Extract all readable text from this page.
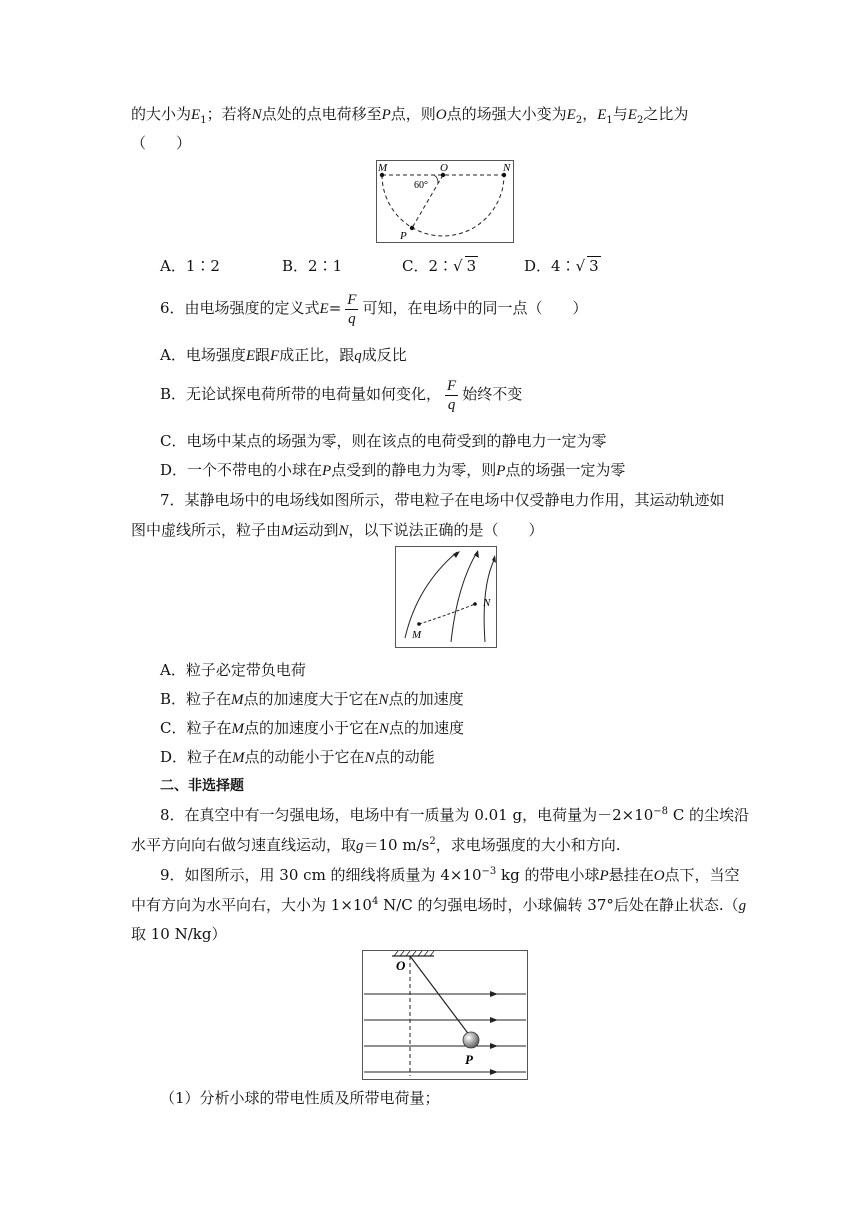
的大小为$E_1$；若将N点处的点电荷移至P点，则O点的场强大小变为$E_2$，$E_1$与$E_2$之比为
（　　）
M	O	N
P
60°
A．1∶2	B．2∶1	C．2∶√ 3	D．4∶√ 3
6．由电场强度的定义式$E= \frac{F}{q}$ 可知，在电场中的同一点（　　）
A．电场强度E跟F成正比，跟q成反比
B．无论试探电荷所带的电荷量如何变化， $\frac{F}{q}$ 始终不变
C．电场中某点的场强为零，则在该点的电荷受到的静电力一定为零
D．一个不带电的小球在P点受到的静电力为零，则P点的场强一定为零
7．某静电场中的电场线如图所示，带电粒子在电场中仅受静电力作用，其运动轨迹如
图中虚线所示，粒子由M运动到N，以下说法正确的是（　　）
M
N
A．粒子必定带负电荷
B．粒子在M点的加速度大于它在N点的加速度
C．粒子在M点的加速度小于它在N点的加速度
D．粒子在M点的动能小于它在N点的动能
二、非选择题
8．在真空中有一匀强电场，电场中有一质量为 0.01 g，电荷量为$-2\times 10^{-8}$ C 的尘埃沿
水平方向向右做匀速直线运动，取g＝10 $m/s^2$，求电场强度的大小和方向.
9．如图所示，用 30 cm 的细线将质量为 $4\times 10^{-3}$ kg 的带电小球P悬挂在O点下，当空
中有方向为水平向右，大小为 $1\times 10^4$ N/C 的匀强电场时，小球偏转 37°后处在静止状态.（g
取 10 N/kg）
O
P
（1）分析小球的带电性质及所带电荷量；
